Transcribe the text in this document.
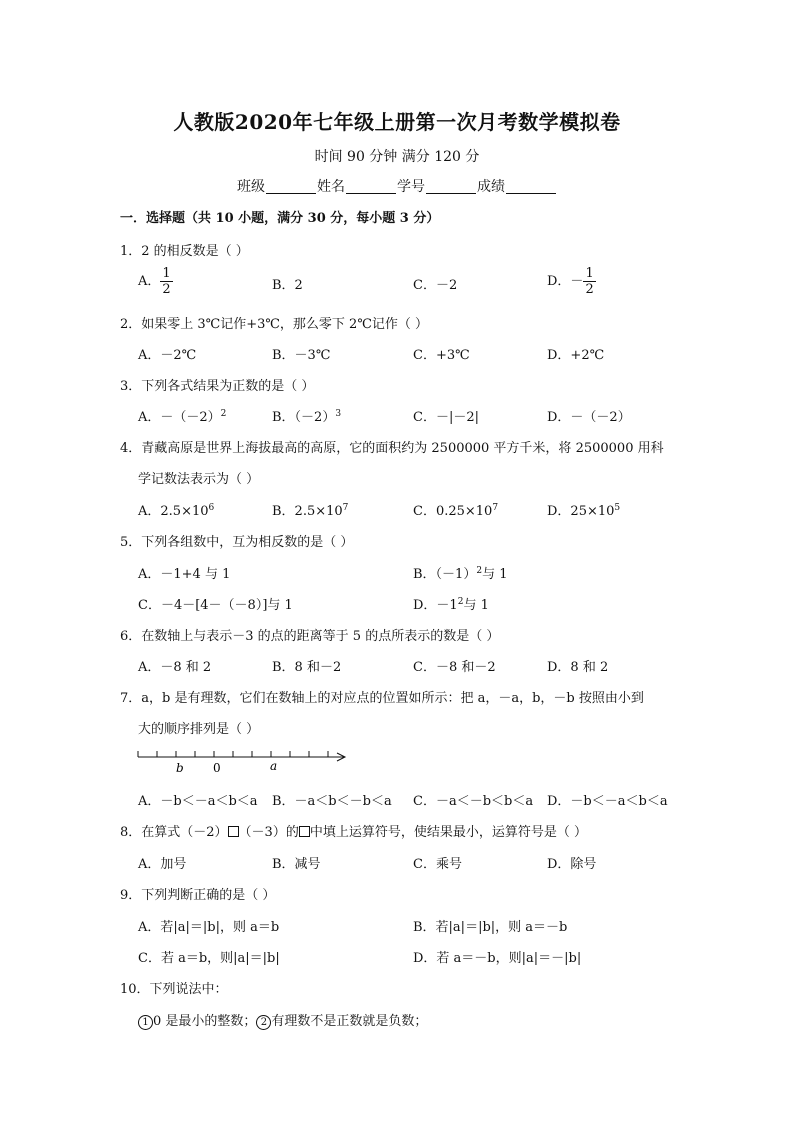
人教版2020年七年级上册第一次月考数学模拟卷
时间 90 分钟 满分 120 分
班级	姓名	学号	成绩
一．选择题（共 10 小题，满分 30 分，每小题 3 分）
1．2 的相反数是（ ）
A． $\frac{1}{2}$	B．2	C．－2	D．－ $\frac{1}{2}$
2．如果零上 3℃记作+3℃，那么零下 2℃记作（ ）
A．－2℃	B．－3℃	C．+3℃	D．+2℃
3．下列各式结果为正数的是（ ）
A．$-(-2)^2$	B．$(-2)^3$	C．－|－2|	D．－（－2）
4．青藏高原是世界上海拔最高的高原，它的面积约为 2500000 平方千米，将 2500000 用科
学记数法表示为（ ）
A．$2.5\times 10^6$	B．$2.5\times 10^7$	C．$0.25\times 10^7$	D．$25\times 10^5$
5．下列各组数中，互为相反数的是（ ）
A．－1+4 与 1	B．$(-1)^2$与 1
C．－4－[4－（－8）]与 1	D．$-1^2$与 1
6．在数轴上与表示－3 的点的距离等于 5 的点所表示的数是（ ）
A．－8 和 2	B．8 和－2	C．－8 和－2	D．8 和 2
7．a，b 是有理数，它们在数轴上的对应点的位置如所示：把 a，－a，b，－b 按照由小到
大的顺序排列是（ ）
b 0	a
A．－b＜－a＜b＜a B．－a＜b＜－b＜a C．－a＜－b＜b＜a D．－b＜－a＜b＜a
8．在算式（－2） （－3）的 中填上运算符号，使结果最小，运算符号是（ ）
A．加号	B．减号	C．乘号	D．除号
9．下列判断正确的是（ ）
A．若|a|＝|b|，则 a＝b	B．若|a|＝|b|，则 a＝－b
C．若 a＝b，则|a|＝|b|	D．若 a＝－b，则|a|＝－|b|
10．下列说法中：
1 0 是最小的整数； 2 有理数不是正数就是负数；
